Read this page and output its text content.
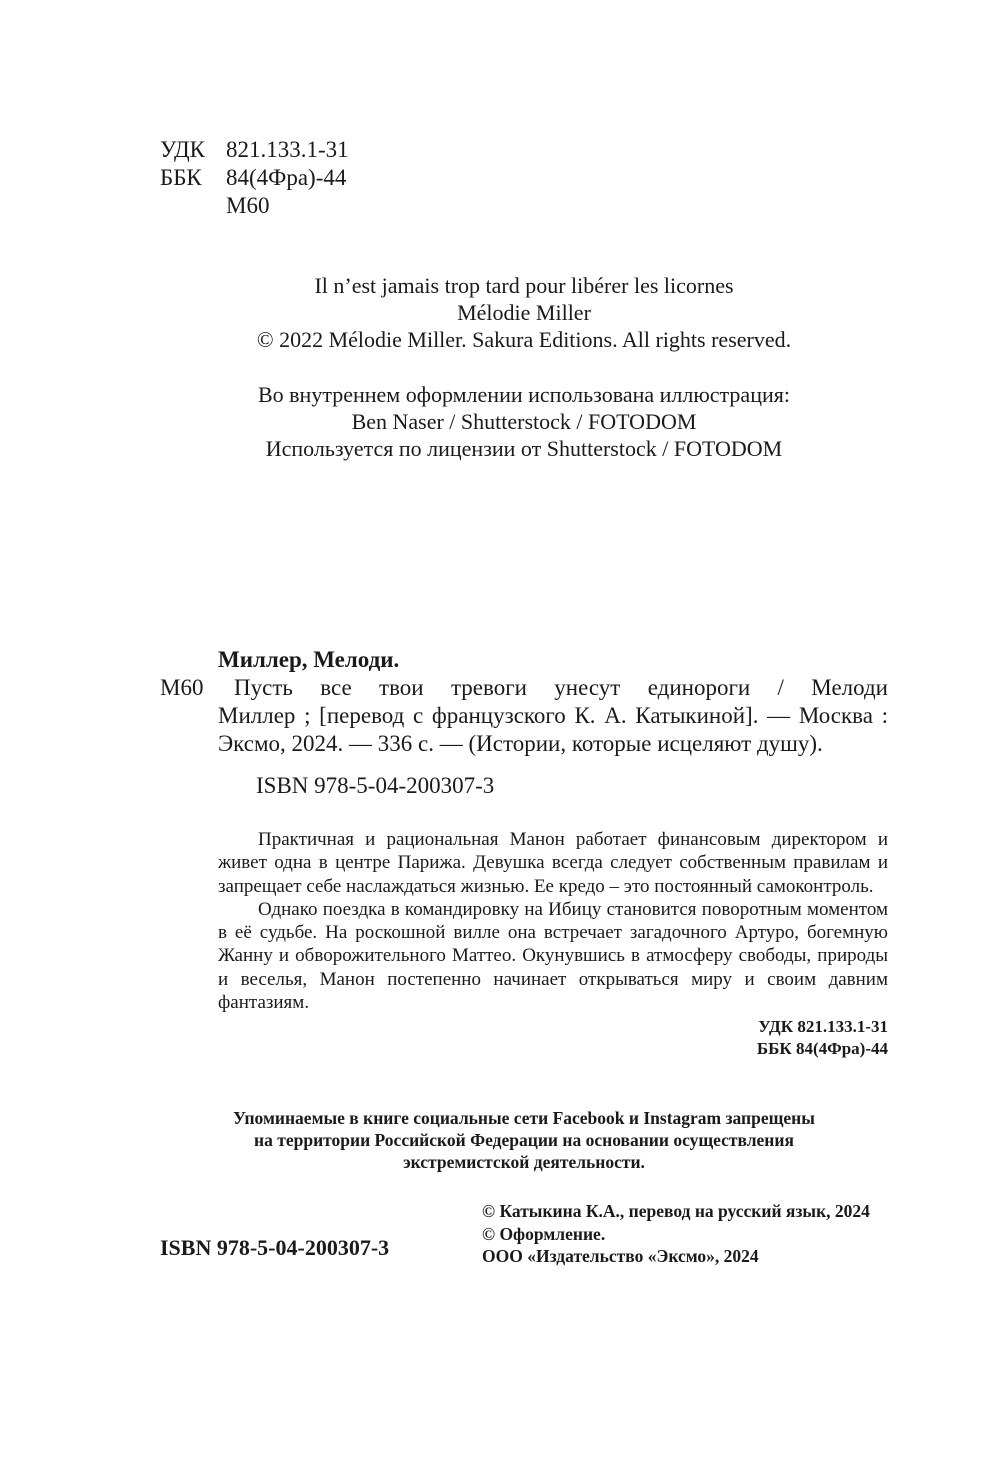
УДК 821.133.1-31
ББК	84(4Фра)-44
М60
Il n’est jamais trop tard pour libérer les licornes
Mélodie Miller
© 2022 Mélodie Miller. Sakura Editions. All rights reserved.
Во внутреннем оформлении использована иллюстрация:
Ben Naser / Shutterstock / FOTODOM
Используется по лицензии от Shutterstock / FOTODOM
Миллер, Мелоди.
М60	Пусть все твои тревоги унесут единороги / Мелоди
Миллер ; [перевод с французского К. А. Катыкиной]. — Москва : Эксмо, 2024. — 336 с. — (Истории, которые исцеляют душу).
ISBN 978-5-04-200307-3

Практичная и рациональная Манон работает финансовым директором и живет одна в центре Парижа. Девушка всегда следует собственным правилам и запрещает себе наслаждаться жизнью. Ее кредо – это постоянный самоконтроль.

Однако поездка в командировку на Ибицу становится поворотным моментом в её судьбе. На роскошной вилле она встречает загадочного Артуро, богемную Жанну и обворожительного Маттео. Окунувшись в атмосферу свободы, природы и веселья, Манон постепенно начинает открываться миру и своим давним фантазиям.

УДК 821.133.1-31
ББК 84(4Фра)-44
Упоминаемые в книге социальные сети Facebook и Instagram запрещены
на территории Российской Федерации на основании осуществления
экстремистской деятельности.
ISBN 978-5-04-200307-3
© Катыкина К.А., перевод на русский язык, 2024
© Оформление.
ООО «Издательство «Эксмо», 2024
